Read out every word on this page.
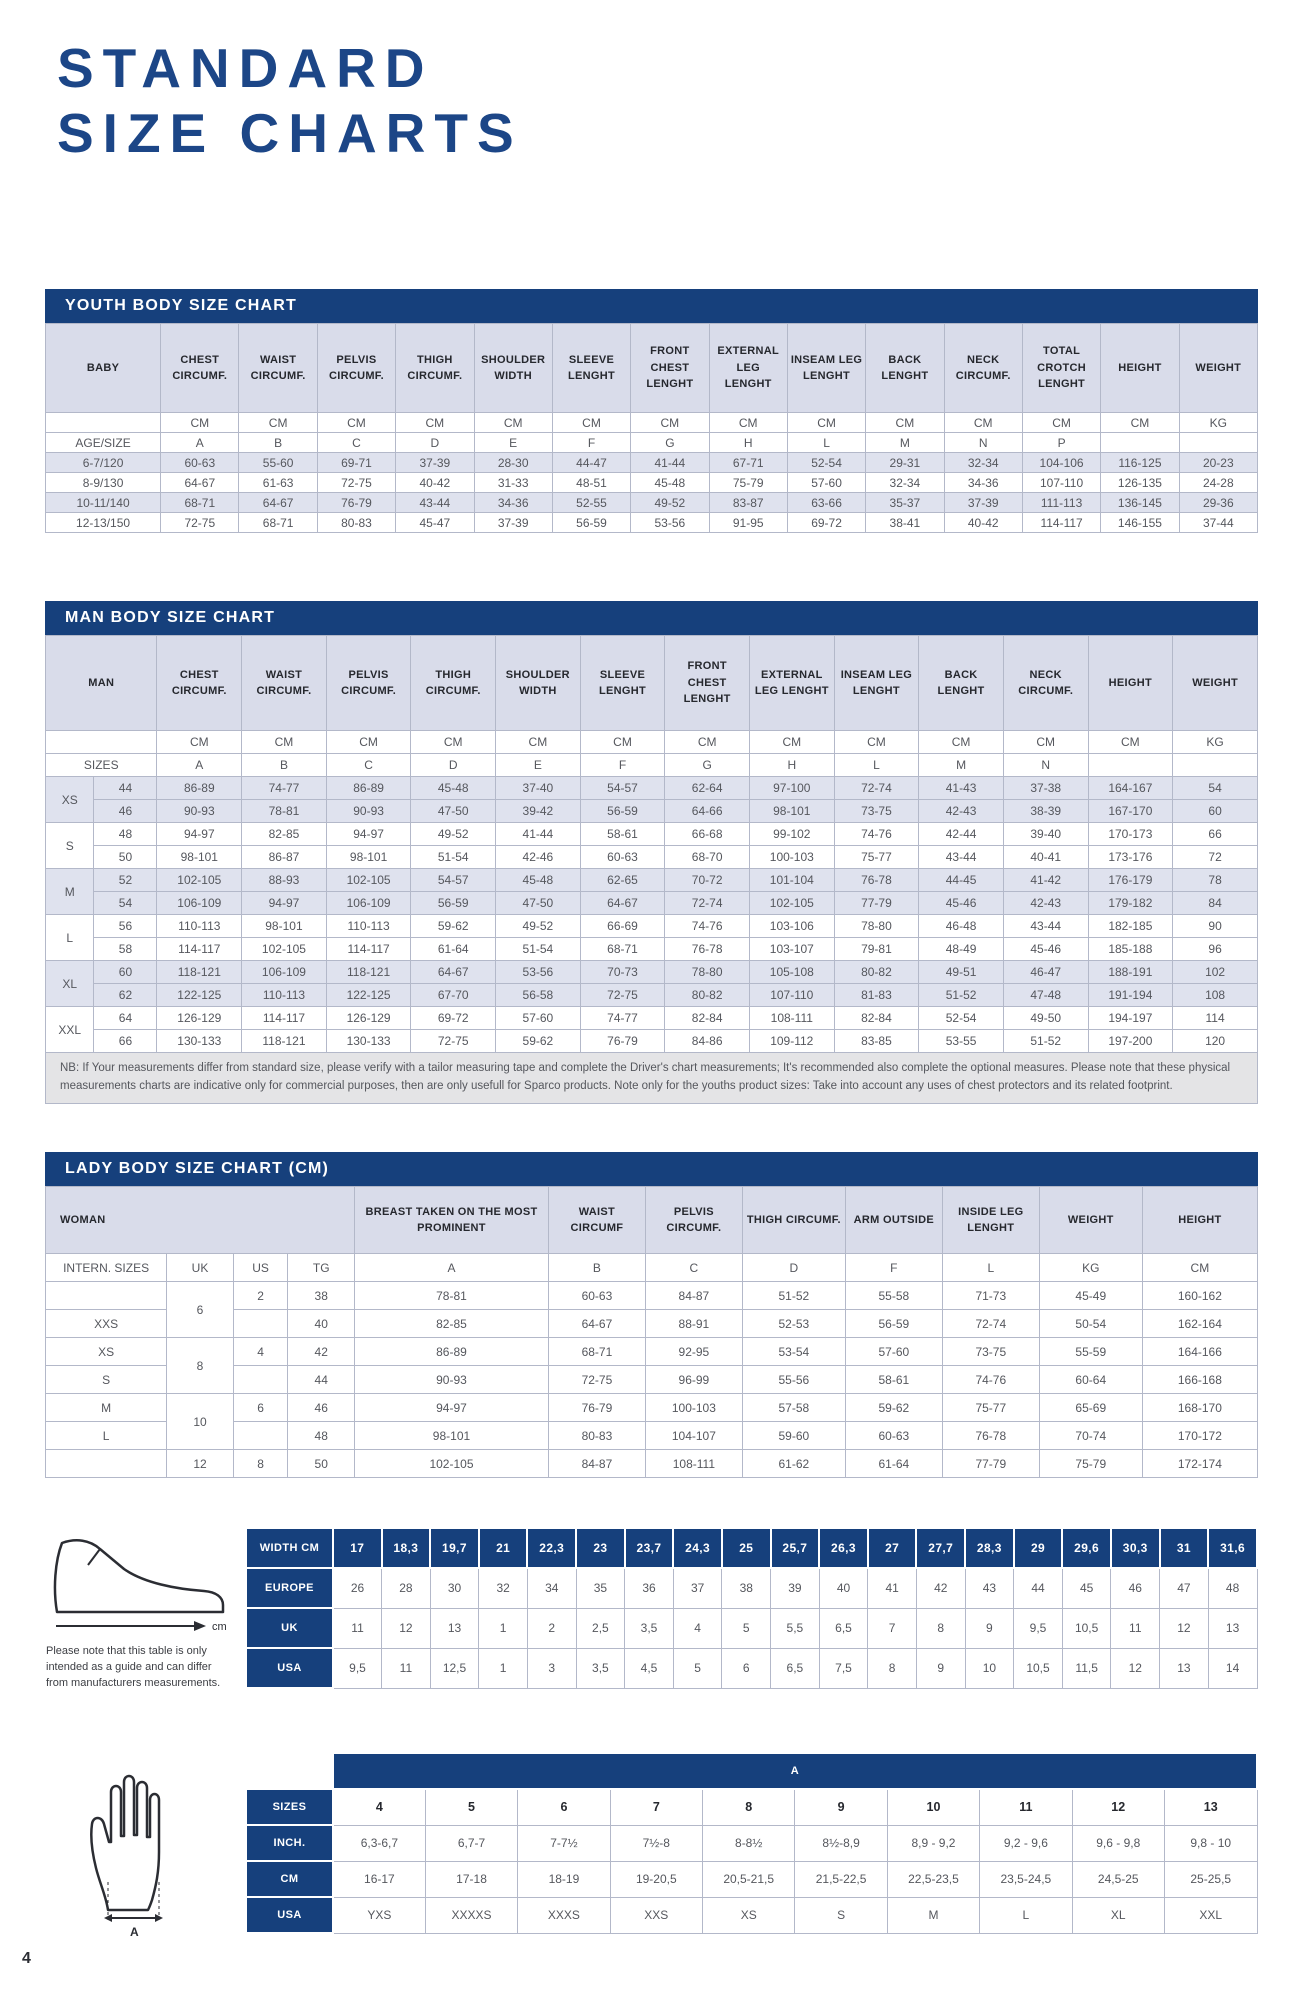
STANDARD
SIZE CHARTS
YOUTH BODY SIZE CHART
BABY	CHEST CIRCUMF.	WAIST CIRCUMF.	PELVIS CIRCUMF.	THIGH CIRCUMF.	SHOULDER WIDTH	SLEEVE LENGHT	FRONT CHEST LENGHT	EXTERNAL LEG LENGHT	INSEAM LEG LENGHT	BACK LENGHT	NECK CIRCUMF.	TOTAL CROTCH LENGHT	HEIGHT	WEIGHT
	CM	CM	CM	CM	CM	CM	CM	CM	CM	CM	CM	CM	CM	KG
AGE/SIZE	A	B	C	D	E	F	G	H	L	M	N	P		
6-7/120	60-63	55-60	69-71	37-39	28-30	44-47	41-44	67-71	52-54	29-31	32-34	104-106	116-125	20-23
8-9/130	64-67	61-63	72-75	40-42	31-33	48-51	45-48	75-79	57-60	32-34	34-36	107-110	126-135	24-28
10-11/140	68-71	64-67	76-79	43-44	34-36	52-55	49-52	83-87	63-66	35-37	37-39	111-113	136-145	29-36
12-13/150	72-75	68-71	80-83	45-47	37-39	56-59	53-56	91-95	69-72	38-41	40-42	114-117	146-155	37-44
MAN BODY SIZE CHART
MAN		CHEST CIRCUMF.	WAIST CIRCUMF.	PELVIS CIRCUMF.	THIGH CIRCUMF.	SHOULDER WIDTH	SLEEVE LENGHT	FRONT CHEST LENGHT	EXTERNAL LEG LENGHT	INSEAM LEG LENGHT	BACK LENGHT	NECK CIRCUMF.	HEIGHT	WEIGHT
		CM	CM	CM	CM	CM	CM	CM	CM	CM	CM	CM	CM	KG
SIZES		A	B	C	D	E	F	G	H	L	M	N		
XS	44	86-89	74-77	86-89	45-48	37-40	54-57	62-64	97-100	72-74	41-43	37-38	164-167	54
	46	90-93	78-81	90-93	47-50	39-42	56-59	64-66	98-101	73-75	42-43	38-39	167-170	60
S	48	94-97	82-85	94-97	49-52	41-44	58-61	66-68	99-102	74-76	42-44	39-40	170-173	66
	50	98-101	86-87	98-101	51-54	42-46	60-63	68-70	100-103	75-77	43-44	40-41	173-176	72
M	52	102-105	88-93	102-105	54-57	45-48	62-65	70-72	101-104	76-78	44-45	41-42	176-179	78
	54	106-109	94-97	106-109	56-59	47-50	64-67	72-74	102-105	77-79	45-46	42-43	179-182	84
L	56	110-113	98-101	110-113	59-62	49-52	66-69	74-76	103-106	78-80	46-48	43-44	182-185	90
	58	114-117	102-105	114-117	61-64	51-54	68-71	76-78	103-107	79-81	48-49	45-46	185-188	96
XL	60	118-121	106-109	118-121	64-67	53-56	70-73	78-80	105-108	80-82	49-51	46-47	188-191	102
	62	122-125	110-113	122-125	67-70	56-58	72-75	80-82	107-110	81-83	51-52	47-48	191-194	108
XXL	64	126-129	114-117	126-129	69-72	57-60	74-77	82-84	108-111	82-84	52-54	49-50	194-197	114
	66	130-133	118-121	130-133	72-75	59-62	76-79	84-86	109-112	83-85	53-55	51-52	197-200	120
NB: If Your measurements differ from standard size, please verify with a tailor measuring tape and complete the Driver's chart measurements; It's recommended also complete the optional measures. Please note that these physical measurements charts are indicative only for commercial purposes, then are only usefull for Sparco products. Note only for the youths product sizes: Take into account any uses of chest protectors and its related footprint.
LADY BODY SIZE CHART (CM)
WOMAN				BREAST TAKEN ON THE MOST PROMINENT	WAIST CIRCUMF	PELVIS CIRCUMF.	THIGH CIRCUMF.	ARM OUTSIDE	INSIDE LEG LENGHT	WEIGHT	HEIGHT
INTERN. SIZES	UK	US	TG	A	B	C	D	F	L	KG	CM
	6	2	38	78-81	60-63	84-87	51-52	55-58	71-73	45-49	160-162
XXS			40	82-85	64-67	88-91	52-53	56-59	72-74	50-54	162-164
XS	8	4	42	86-89	68-71	92-95	53-54	57-60	73-75	55-59	164-166
S			44	90-93	72-75	96-99	55-56	58-61	74-76	60-64	166-168
M	10	6	46	94-97	76-79	100-103	57-58	59-62	75-77	65-69	168-170
L			48	98-101	80-83	104-107	59-60	60-63	76-78	70-74	170-172
	12	8	50	102-105	84-87	108-111	61-62	61-64	77-79	75-79	172-174
cm
Please note that this table is only intended as a guide and can differ from manufacturers measurements.
WIDTH CM	17	18,3	19,7	21	22,3	23	23,7	24,3	25	25,7	26,3	27	27,7	28,3	29	29,6	30,3	31	31,6
EUROPE	26	28	30	32	34	35	36	37	38	39	40	41	42	43	44	45	46	47	48
UK	11	12	13	1	2	2,5	3,5	4	5	5,5	6,5	7	8	9	9,5	10,5	11	12	13
USA	9,5	11	12,5	1	3	3,5	4,5	5	6	6,5	7,5	8	9	10	10,5	11,5	12	13	14
A
	A									
SIZES	4	5	6	7	8	9	10	11	12	13
INCH.	6,3-6,7	6,7-7	7-7½	7½-8	8-8½	8½-8,9	8,9 - 9,2	9,2 - 9,6	9,6 - 9,8	9,8 - 10
CM	16-17	17-18	18-19	19-20,5	20,5-21,5	21,5-22,5	22,5-23,5	23,5-24,5	24,5-25	25-25,5
USA	YXS	XXXXS	XXXS	XXS	XS	S	M	L	XL	XXL
4
